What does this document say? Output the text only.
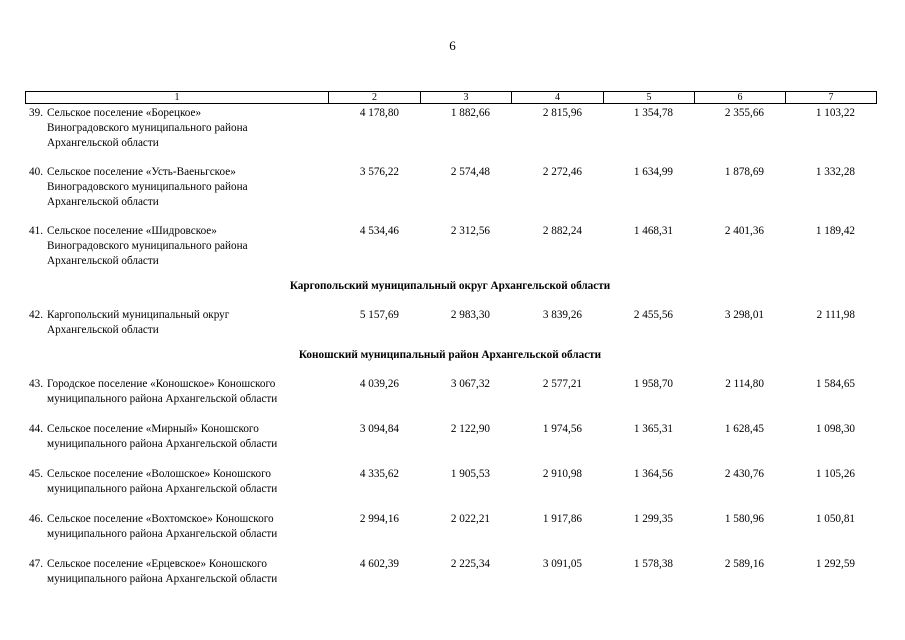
6
1	2	3	4	5	6	7
39. Сельское поселение «Борецкое»
Виноградовского муниципального района
Архангельской области
4 178,80	1 882,66	2 815,96	1 354,78	2 355,66	1 103,22
40. Сельское поселение «Усть-Ваеньгское»
Виноградовского муниципального района
Архангельской области
3 576,22	2 574,48	2 272,46	1 634,99	1 878,69	1 332,28
41. Сельское поселение «Шидровское»
Виноградовского муниципального района
Архангельской области
4 534,46	2 312,56	2 882,24	1 468,31	2 401,36	1 189,42
Каргопольский муниципальный округ Архангельской области
42. Каргопольский муниципальный округ
Архангельской области
5 157,69	2 983,30	3 839,26	2 455,56	3 298,01	2 111,98
Коношский муниципальный район Архангельской области
43. Городское поселение «Коношское» Коношского
муниципального района Архангельской области
4 039,26	3 067,32	2 577,21	1 958,70	2 114,80	1 584,65
44. Сельское поселение «Мирный» Коношского
муниципального района Архангельской области
3 094,84	2 122,90	1 974,56	1 365,31	1 628,45	1 098,30
45. Сельское поселение «Волошское» Коношского
муниципального района Архангельской области
4 335,62	1 905,53	2 910,98	1 364,56	2 430,76	1 105,26
46. Сельское поселение «Вохтомское» Коношского
муниципального района Архангельской области
2 994,16	2 022,21	1 917,86	1 299,35	1 580,96	1 050,81
47. Сельское поселение «Ерцевское» Коношского
муниципального района Архангельской области
4 602,39	2 225,34	3 091,05	1 578,38	2 589,16	1 292,59
